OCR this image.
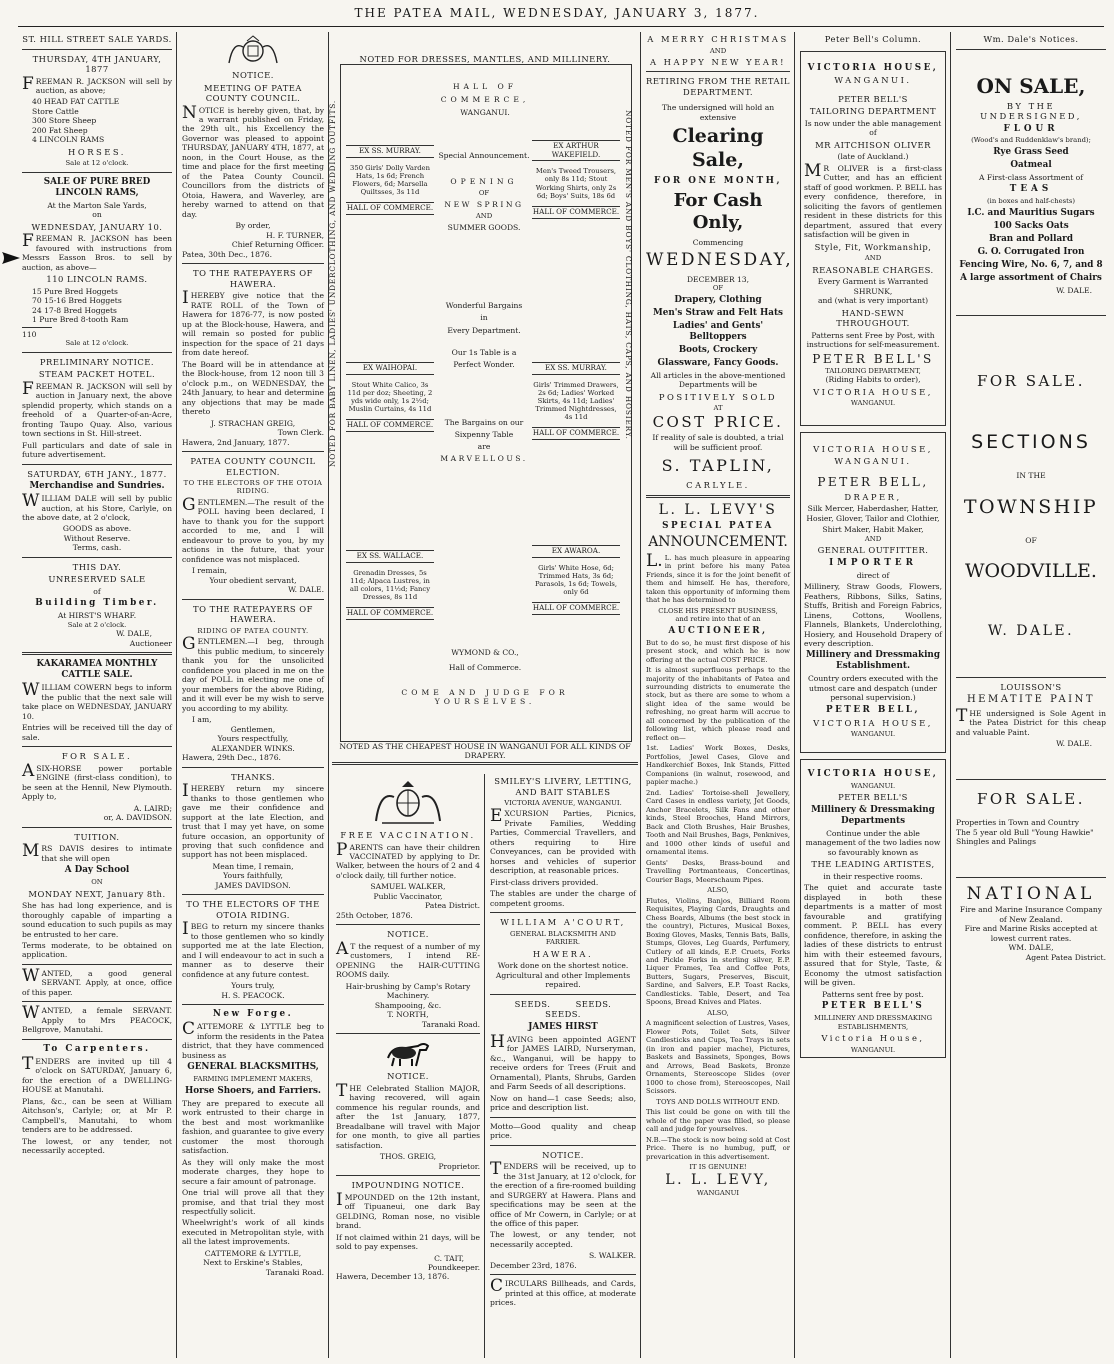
THE PATEA MAIL, WEDNESDAY, JANUARY 3, 1877.
ST. HILL STREET SALE YARDS.
THURSDAY, 4TH JANUARY, 1877

FREEMAN R. JACKSON will sell by auction, as above;

40 HEAD FAT CATTLE
Store Cattle
300 Store Sheep
200 Fat Sheep
4 LINCOLN RAMS
HORSES.
Sale at 12 o'clock.
SALE OF PURE BRED LINCOLN RAMS,
At the Marton Sale Yards,
on
WEDNESDAY, JANUARY 10.

FREEMAN R. JACKSON has been favoured with instructions from Messrs Easson Bros. to sell by auction, as above—

110 LINCOLN RAMS.
15 Pure Bred Hoggets
70 15-16 Bred Hoggets
24 17-8 Bred Hoggets
1 Pure Bred 8-tooth Ram
110
Sale at 12 o'clock.
PRELIMINARY NOTICE.
STEAM PACKET HOTEL.

FREEMAN R. JACKSON will sell by auction in January next, the above splendid property, which stands on a freehold of a Quarter-of-an-Acre, fronting Taupo Quay. Also, various town sections in St. Hill-street.

Full particulars and date of sale in future advertisement.

SATURDAY, 6TH JANY., 1877.
Merchandise and Sundries.

WILLIAM DALE will sell by public auction, at his Store, Carlyle, on the above date, at 2 o'clock,

GOODS as above.
Without Reserve.
Terms, cash.
THIS DAY.
UNRESERVED SALE
of
Building Timber.
At HIRST'S WHARF.
Sale at 2 o'clock.
W. DALE,
Auctioneer
KAKARAMEA MONTHLY CATTLE SALE.

WILLIAM COWERN begs to inform the public that the next sale will take place on WEDNESDAY, JANUARY 10.

Entries will be received till the day of sale.

FOR SALE.

ASIX-HORSE power portable ENGINE (first-class condition), to be seen at the Hennil, New Plymouth. Apply to,

A. LAIRD;
or, A. DAVIDSON.
TUITION.

MRS DAVIS desires to intimate that she will open

A Day School
ON
MONDAY NEXT, January 8th.

She has had long experience, and is thoroughly capable of imparting a sound education to such pupils as may be entrusted to her care.

Terms moderate, to be obtained on application.

WANTED, a good general SERVANT. Apply, at once, office of this paper.

WANTED, a female SERVANT. Apply to Mrs PEACOCK, Bellgrove, Manutahi.

To Carpenters.

TENDERS are invited up till 4 o'clock on SATURDAY, January 6, for the erection of a DWELLING-HOUSE at Manutahi.

Plans, &c., can be seen at William Aitchson's, Carlyle; or, at Mr P. Campbell's, Manutahi, to whom tenders are to be addressed.

The lowest, or any tender, not necessarily accepted.

NOTICE.
MEETING OF PATEA COUNTY COUNCIL.

NOTICE is hereby given, that, by a warrant published on Friday, the 29th ult., his Excellency the Governor was pleased to appoint THURSDAY, JANUARY 4TH, 1877, at noon, in the Court House, as the time and place for the first meeting of the Patea County Council. Councillors from the districts of Otoia, Hawera, and Waverley, are hereby warned to attend on that day.

By order,
H. F. TURNER,
Chief Returning Officer.
Patea, 30th Dec., 1876.
TO THE RATEPAYERS OF HAWERA.

IHEREBY give notice that the RATE ROLL of the Town of Hawera for 1876-77, is now posted up at the Block-house, Hawera, and will remain so posted for public inspection for the space of 21 days from date hereof.

The Board will be in attendance at the Block-house, from 12 noon till 3 o'clock p.m., on WEDNESDAY, the 24th January, to hear and determine any objections that may be made thereto

J. STRACHAN GREIG,
Town Clerk.
Hawera, 2nd January, 1877.
PATEA COUNTY COUNCIL ELECTION.
TO THE ELECTORS OF THE OTOIA RIDING.

GENTLEMEN.—The result of the POLL having been declared, I have to thank you for the support accorded to me, and I will endeavour to prove to you, by my actions in the future, that your confidence was not misplaced.

I remain,
Your obedient servant,
W. DALE.
TO THE RATEPAYERS OF HAWERA.
RIDING OF PATEA COUNTY.

GENTLEMEN.—I beg, through this public medium, to sincerely thank you for the unsolicited confidence you placed in me on the day of POLL in electing me one of your members for the above Riding, and it will ever be my wish to serve you according to my ability.

I am,
Gentlemen,
Yours respectfully,
ALEXANDER WINKS.
Hawera, 29th Dec., 1876.
THANKS.

IHEREBY return my sincere thanks to those gentlemen who gave me their confidence and support at the late Election, and trust that I may yet have, on some future occasion, an opportunity of proving that such confidence and support has not been misplaced.

Mean time, I remain,
Yours faithfully,
JAMES DAVIDSON.
TO THE ELECTORS OF THE OTOIA RIDING.

IBEG to return my sincere thanks to those gentlemen who so kindly supported me at the late Election, and I will endeavour to act in such a manner as to deserve their confidence at any future contest.

Yours truly,
H. S. PEACOCK.
New Forge.

CATTEMORE & LYTTLE beg to inform the residents in the Patea district, that they have commenced business as

GENERAL BLACKSMITHS,
FARMING IMPLEMENT MAKERS,
Horse Shoers, and Farriers.

They are prepared to execute all work entrusted to their charge in the best and most workmanlike fashion, and guarantee to give every customer the most thorough satisfaction.

As they will only make the most moderate charges, they hope to secure a fair amount of patronage.

One trial will prove all that they promise, and that trial they most respectfully solicit.

Wheelwright's work of all kinds executed in Metropolitan style, with all the latest improvements.

CATTEMORE & LYTTLE,
Next to Erskine's Stables,
Taranaki Road.
NOTED FOR DRESSES, MANTLES, AND MILLINERY.
NOTED FOR BABY LINEN, LADIES' UNDERCLOTHING, AND WEDDING OUTFITS.	NOTED FOR MEN'S AND BOYS' CLOTHING, HATS, CAPS, AND HOSIERY.
HALL OF
COMMERCE,
WANGANUI.
Special Announcement.
OPENING
OF
NEW SPRING
AND
SUMMER GOODS.
Wonderful Bargains
in
Every Department.
Our 1s Table is a
Perfect Wonder.
The Bargains on our
Sixpenny Table
are
MARVELLOUS.
EX SS. MURRAY.
350 Girls' Dolly Varden Hats, 1s 6d; French Flowers, 6d; Marsella Quiltsses, 3s 11d
HALL OF COMMERCE.
EX ARTHUR WAKEFIELD.
Men's Tweed Trousers, only 8s 11d; Stout Working Shirts, only 2s 6d; Boys' Suits, 18s 6d
HALL OF COMMERCE.
EX WAIHOPAI.
Stout White Calico, 3s 11d per doz; Sheeting, 2 yds wide only, 1s 2½d; Muslin Curtains, 4s 11d
HALL OF COMMERCE.
EX SS. MURRAY.
Girls' Trimmed Drawers, 2s 6d; Ladies' Worked Skirts, 4s 11d; Ladies' Trimmed Nightdresses, 4s 11d
HALL OF COMMERCE.
EX SS. WALLACE.
Grenadin Dresses, 5s 11d; Alpaca Lustres, in all colors, 11½d; Fancy Dresses, 8s 11d
HALL OF COMMERCE.
EX AWAROA.
Girls' White Hose, 6d; Trimmed Hats, 3s 6d; Parasols, 1s 6d; Towels, only 6d
HALL OF COMMERCE.
WYMOND & CO.,
Hall of Commerce.
COME AND JUDGE FOR YOURSELVES.
NOTED AS THE CHEAPEST HOUSE IN WANGANUI FOR ALL KINDS OF DRAPERY.
FREE VACCINATION.

PARENTS can have their children VACCINATED by applying to Dr. Walker, between the hours of 2 and 4 o'clock daily, till further notice.

SAMUEL WALKER,
Public Vaccinator,
Patea District.
25th October, 1876.
NOTICE.

AT the request of a number of my customers, I intend RE-OPENING the HAIR-CUTTING ROOMS daily.

Hair-brushing by Camp's Rotary Machinery.
Shampooing, &c.
T. NORTH,
Taranaki Road.
NOTICE.

THE Celebrated Stallion MAJOR, having recovered, will again commence his regular rounds, and after the 1st January, 1877, Breadalbane will travel with Major for one month, to give all parties satisfaction.

THOS. GREIG,
Proprietor.
IMPOUNDING NOTICE.

IMPOUNDED on the 12th instant, off Tipuaneui, one dark Bay GELDING, Roman nose, no visible brand.

If not claimed within 21 days, will be sold to pay expenses.

C. TAIT,
Poundkeeper.
Hawera, December 13, 1876.
SMILEY'S LIVERY, LETTING, AND BAIT STABLES
VICTORIA AVENUE, WANGANUI.

EXCURSION Parties, Picnics, Private Families, Wedding Parties, Commercial Travellers, and others requiring to Hire Conveyances, can be provided with horses and vehicles of superior description, at reasonable prices.

First-class drivers provided.

The stables are under the charge of competent grooms.

WILLIAM A'COURT,
GENERAL BLACKSMITH AND
FARRIER.
HAWERA.
Work done on the shortest notice.
Agricultural and other Implements
repaired.
SEEDS. SEEDS. SEEDS.
JAMES HIRST

HAVING been appointed AGENT for JAMES LAIRD, Nurseryman, &c., Wanganui, will be happy to receive orders for Trees (Fruit and Ornamental), Plants, Shrubs, Garden and Farm Seeds of all descriptions.

Now on hand—1 case Seeds; also, price and description list.

Motto—Good quality and cheap price.

NOTICE.

TENDERS will be received, up to the 31st January, at 12 o'clock, for the erection of a fire-roomed building and SURGERY at Hawera. Plans and specifications may be seen at the office of Mr Cowern, in Carlyle; or at the office of this paper.

The lowest, or any tender, not necessarily accepted.

S. WALKER.
December 23rd, 1876.

CIRCULARS Billheads, and Cards, printed at this office, at moderate prices.

A MERRY CHRISTMAS
AND
A HAPPY NEW YEAR!
RETIRING FROM THE RETAIL DEPARTMENT.
The undersigned will hold an
extensive
Clearing Sale,
FOR ONE MONTH,
For Cash Only,
Commencing
WEDNESDAY,
DECEMBER 13,
OF
Drapery, Clothing
Men's Straw and Felt Hats
Ladies' and Gents' Belltoppers
Boots, Crockery
Glassware, Fancy Goods.

All articles in the above-mentioned Departments will be

POSITIVELY SOLD
AT
COST PRICE.

If reality of sale is doubted, a trial will be sufficient proof.

S. TAPLIN,
CARLYLE.
L. L. LEVY'S
SPECIAL PATEA
ANNOUNCEMENT.

L.L. has much pleasure in appearing in print before his many Patea Friends, since it is for the joint benefit of them and himself. He has, therefore, taken this opportunity of informing them that he has determined to

CLOSE HIS PRESENT BUSINESS,
and retire into that of an
AUCTIONEER,

But to do so, he must first dispose of his present stock, and which he is now offering at the actual COST PRICE.

It is almost superfluous perhaps to the majority of the inhabitants of Patea and surrounding districts to enumerate the stock, but as there are some to whom a slight idea of the same would be refreshing, no great harm will accrue to all concerned by the publication of the following list, which please read and reflect on—

1st. Ladies' Work Boxes, Desks, Portfolios, Jewel Cases, Glove and Handkerchief Boxes, Ink Stands, Fitted Companions (in walnut, rosewood, and papier mache.)

2nd. Ladies' Tortoise-shell Jewellery, Card Cases in endless variety, Jet Goods, Anchor Bracelets, Silk Fans and other kinds, Steel Brooches, Hand Mirrors, Back and Cloth Brushes, Hair Brushes, Tooth and Nail Brushes, Bags, Penknives, and 1000 other kinds of useful and ornamental items.

Gents' Desks, Brass-bound and Travelling Portmanteaus, Concertinas, Courier Bags, Meerschaum Pipes.

ALSO,

Flutes, Violins, Banjos, Billiard Room Requisites, Playing Cards, Draughts and Chess Boards, Albums (the best stock in the country), Pictures, Musical Boxes, Boxing Gloves, Masks, Tennis Bats, Balls, Stumps, Gloves, Leg Guards, Perfumery, Cutlery of all kinds, E.P. Cruets, Forks and Pickle Forks in sterling silver, E.P. Liquer Frames, Tea and Coffee Pots, Butters, Sugars, Preserves, Biscuit, Sardine, and Salvers, E.P. Toast Racks, Candlesticks. Table, Desert, and Tea Spoons, Bread Knives and Plates.

ALSO,

A magnificent selection of Lustres, Vases, Flower Pots, Toilet Sets, Silver Candlesticks and Cups, Tea Trays in sets (in iron and papier mache), Pictures, Baskets and Bassinets, Sponges, Bows and Arrows, Bead Baskets, Bronze Ornaments, Stereoscope Slides (over 1000 to chose from), Stereoscopes, Nail Scissors.

TOYS AND DOLLS WITHOUT END.

This list could be gone on with till the whole of the paper was filled, so please call and judge for yourselves.

N.B.—The stock is now being sold at Cost Price. There is no humbug, puff, or prevarication in this advertisement.

IT IS GENUINE!
L. L. LEVY,
WANGANUI
Peter Bell's Column.
VICTORIA HOUSE,
WANGANUI.
PETER BELL'S
TAILORING DEPARTMENT

Is now under the able management of

MR AITCHISON OLIVER
(late of Auckland.)

MR OLIVER is a first-class Cutter, and has an efficient staff of good workmen. P. BELL has every confidence, therefore, in soliciting the favors of gentlemen resident in these districts for this department, assured that every satisfaction will be given in

Style, Fit, Workmanship,
AND
REASONABLE CHARGES.
Every Garment is Warranted
SHRUNK,
and (what is very important)
HAND-SEWN THROUGHOUT.

Patterns sent Free by Post, with instructions for self-measurement.

PETER BELL'S
TAILORING DEPARTMENT,
(Riding Habits to order),
VICTORIA HOUSE,
WANGANUI.
VICTORIA HOUSE,
WANGANUI.
PETER BELL,
DRAPER,

Silk Mercer, Haberdasher, Hatter, Hosier, Glover, Tailor and Clothier,

Shirt Maker, Habit Maker,
AND
GENERAL OUTFITTER.
IMPORTER
direct of

Millinery, Straw Goods, Flowers, Feathers, Ribbons, Silks, Satins, Stuffs, British and Foreign Fabrics, Linens, Cottons, Woollens, Flannels, Blankets, Underclothing, Hosiery, and Household Drapery of every description.

Millinery and Dressmaking Establishment.

Country orders executed with the utmost care and despatch (under personal supervision.)

PETER BELL,
VICTORIA HOUSE,
WANGANUI.
VICTORIA HOUSE,
WANGANUI.
PETER BELL'S
Millinery & Dressmaking Departments

Continue under the able management of the two ladies now so favourably known as

THE LEADING ARTISTES,
in their respective rooms.

The quiet and accurate taste displayed in both these departments is a matter of most favourable and gratifying comment. P. BELL has every confidence, therefore, in asking the ladies of these districts to entrust him with their esteemed favours, assured that for Style, Taste, & Economy the utmost satisfaction will be given.

Patterns sent free by post.
PETER BELL'S
MILLINERY AND DRESSMAKING ESTABLISHMENTS,
Victoria House,
WANGANUI.
Wm. Dale's Notices.
ON SALE,
BY THE UNDERSIGNED,
FLOUR
(Wood's and Ruddenklaw's brand);
Rye Grass Seed
Oatmeal
A First-class Assortment of
TEAS
(in boxes and half-chests)
I.C. and Mauritius Sugars
100 Sacks Oats
Bran and Pollard
G. O. Corrugated Iron
Fencing Wire, No. 6, 7, and 8
A large assortment of Chairs
W. DALE.
FOR SALE.
SECTIONS
IN THE
TOWNSHIP
OF
WOODVILLE.
W. DALE.
LOUISSON'S
HEMATITE PAINT

THE undersigned is Sole Agent in the Patea District for this cheap and valuable Paint.

W. DALE.
FOR SALE.
Properties in Town and Country
The 5 year old Bull "Young Hawkie"
Shingles and Palings
NATIONAL
Fire and Marine Insurance Company of New Zealand.
Fire and Marine Risks accepted at lowest current rates.
WM. DALE,
Agent Patea District.
